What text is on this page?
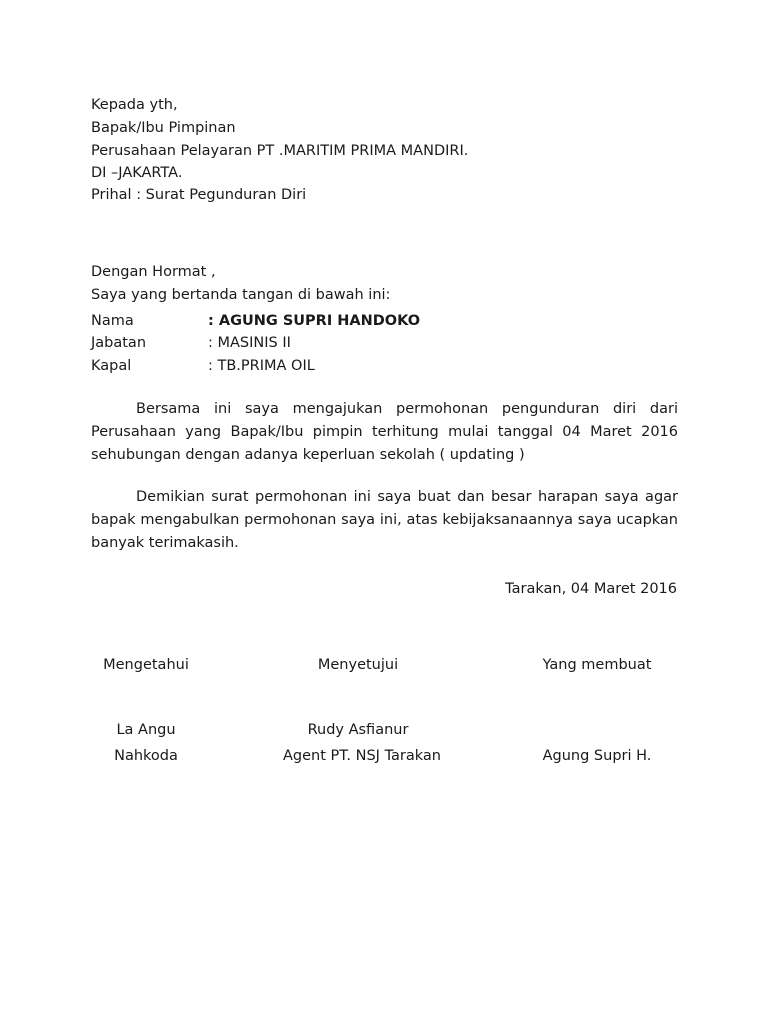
Kepada yth,
Bapak/Ibu Pimpinan
Perusahaan Pelayaran PT .MARITIM PRIMA MANDIRI.
DI –JAKARTA.
Prihal : Surat Pegunduran Diri
Dengan Hormat ,
Saya yang bertanda tangan di bawah ini:
Nama	: AGUNG SUPRI HANDOKO
Jabatan	: MASINIS II
Kapal	: TB.PRIMA OIL
Bersama ini saya mengajukan permohonan pengunduran diri dari
Perusahaan yang Bapak/Ibu pimpin terhitung mulai tanggal 04 Maret 2016
sehubungan dengan adanya keperluan sekolah ( updating )
Demikian surat permohonan ini saya buat dan besar harapan saya agar
bapak mengabulkan permohonan saya ini, atas kebijaksanaannya saya ucapkan
banyak terimakasih.
Tarakan, 04 Maret 2016
Mengetahui	Menyetujui	Yang membuat
La Angu	Rudy Asfianur
Nahkoda	Agent PT. NSJ Tarakan	Agung Supri H.
